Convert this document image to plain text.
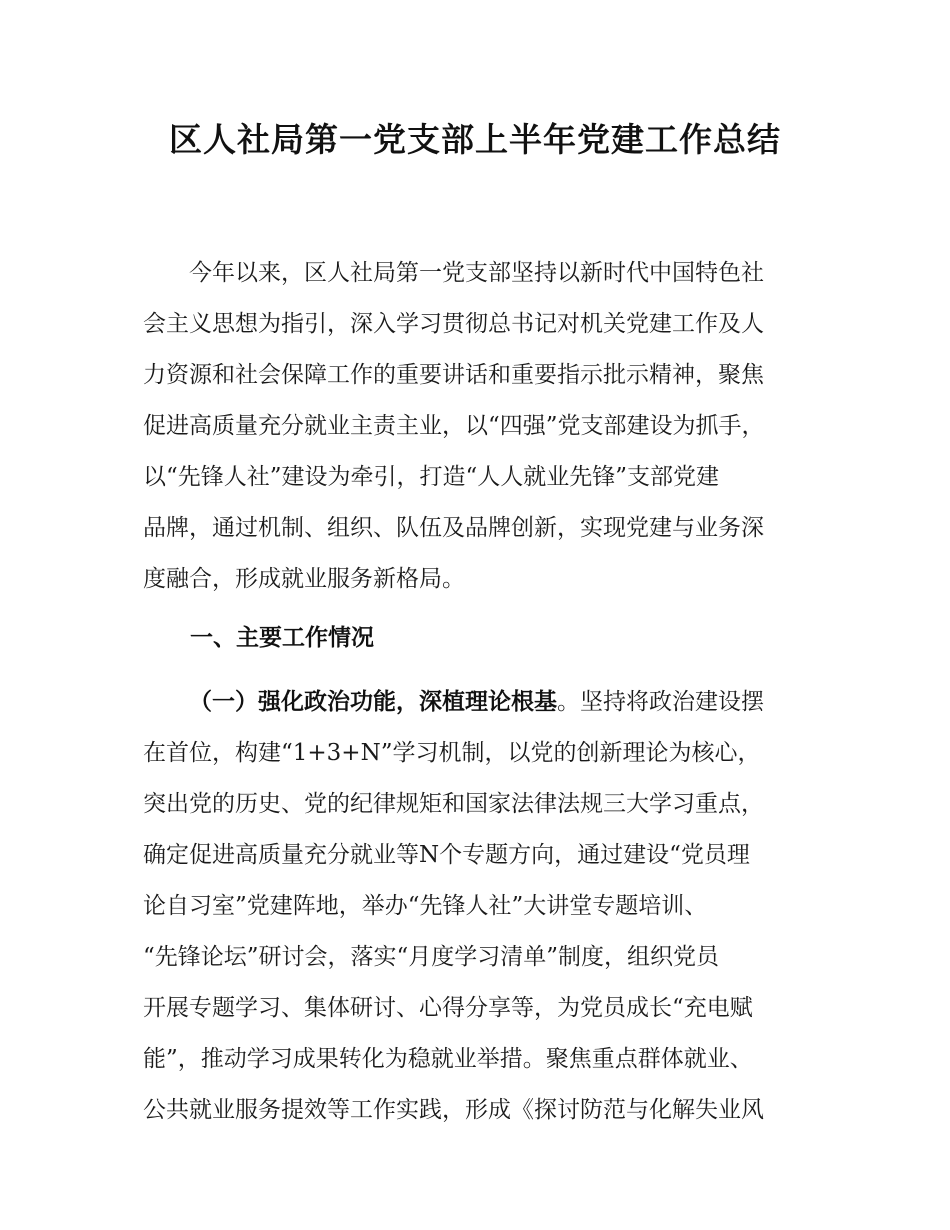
区人社局第一党支部上半年党建工作总结
　　今年以来，区人社局第一党支部坚持以新时代中国特色社
会主义思想为指引，深入学习贯彻总书记对机关党建工作及人
力资源和社会保障工作的重要讲话和重要指示批示精神，聚焦
促进高质量充分就业主责主业，以“四强”党支部建设为抓手，
以“先锋人社”建设为牵引，打造“人人就业先锋”支部党建
品牌，通过机制、组织、队伍及品牌创新，实现党建与业务深
度融合，形成就业服务新格局。
一、主要工作情况
（一）强化政治功能，深植理论根基。坚持将政治建设摆
在首位，构建“1+3+N”学习机制，以党的创新理论为核心，
突出党的历史、党的纪律规矩和国家法律法规三大学习重点，
确定促进高质量充分就业等N个专题方向，通过建设“党员理
论自习室”党建阵地，举办“先锋人社”大讲堂专题培训、
“先锋论坛”研讨会，落实“月度学习清单”制度，组织党员
开展专题学习、集体研讨、心得分享等，为党员成长“充电赋
能”，推动学习成果转化为稳就业举措。聚焦重点群体就业、
公共就业服务提效等工作实践，形成《探讨防范与化解失业风
